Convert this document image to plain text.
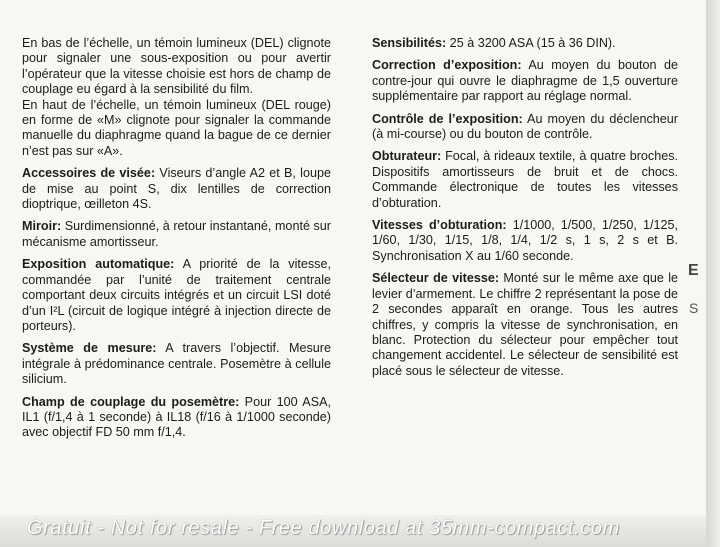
En bas de l’échelle, un témoin lumineux (DEL) clignote pour signaler une sous-exposition ou pour avertir l’opérateur que la vitesse choisie est hors de champ de couplage eu égard à la sensibilité du film.

En haut de l’échelle, un témoin lumineux (DEL rouge) en forme de «M» clignote pour signaler la commande manuelle du diaphragme quand la bague de ce dernier n’est pas sur «A».

Accessoires de visée: Viseurs d’angle A2 et B, loupe de mise au point S, dix lentilles de correction dioptrique, œilleton 4S.

Miroir: Surdimensionné, à retour instantané, monté sur mécanisme amortisseur.

Exposition automatique: A priorité de la vitesse, commandée par l’unité de traitement centrale comportant deux circuits intégrés et un circuit LSI doté d’un I²L (circuit de logique intégré à injection directe de porteurs).

Système de mesure: A travers l’objectif. Mesure intégrale à prédominance centrale. Posemètre à cellule silicium.

Champ de couplage du posemètre: Pour 100 ASA, IL1 (f/1,4 à 1 seconde) à IL18 (f/16 à 1/1000 seconde) avec objectif FD 50 mm f/1,4.

Sensibilités: 25 à 3200 ASA (15 à 36 DIN).

Correction d’exposition: Au moyen du bouton de contre-jour qui ouvre le diaphragme de 1,5 ouverture supplémentaire par rapport au réglage normal.

Contrôle de l’exposition: Au moyen du déclencheur (à mi-course) ou du bouton de contrôle.

Obturateur: Focal, à rideaux textile, à quatre broches. Dispositifs amortisseurs de bruit et de chocs. Commande électronique de toutes les vitesses d’obturation.

Vitesses d’obturation: 1/1000, 1/500, 1/250, 1/125, 1/60, 1/30, 1/15, 1/8, 1/4, 1/2 s, 1 s, 2 s et B. Synchronisation X au 1/60 seconde.

Sélecteur de vitesse: Monté sur le même axe que le levier d’armement. Le chiffre 2 représentant la pose de 2 secondes apparaît en orange. Tous les autres chiffres, y compris la vitesse de synchronisation, en blanc. Protection du sélecteur pour empêcher tout changement accidentel. Le sélecteur de sensibilité est placé sous le sélecteur de vitesse.

E
S
Gratuit - Not for resale - Free download at 35mm-compact.com
